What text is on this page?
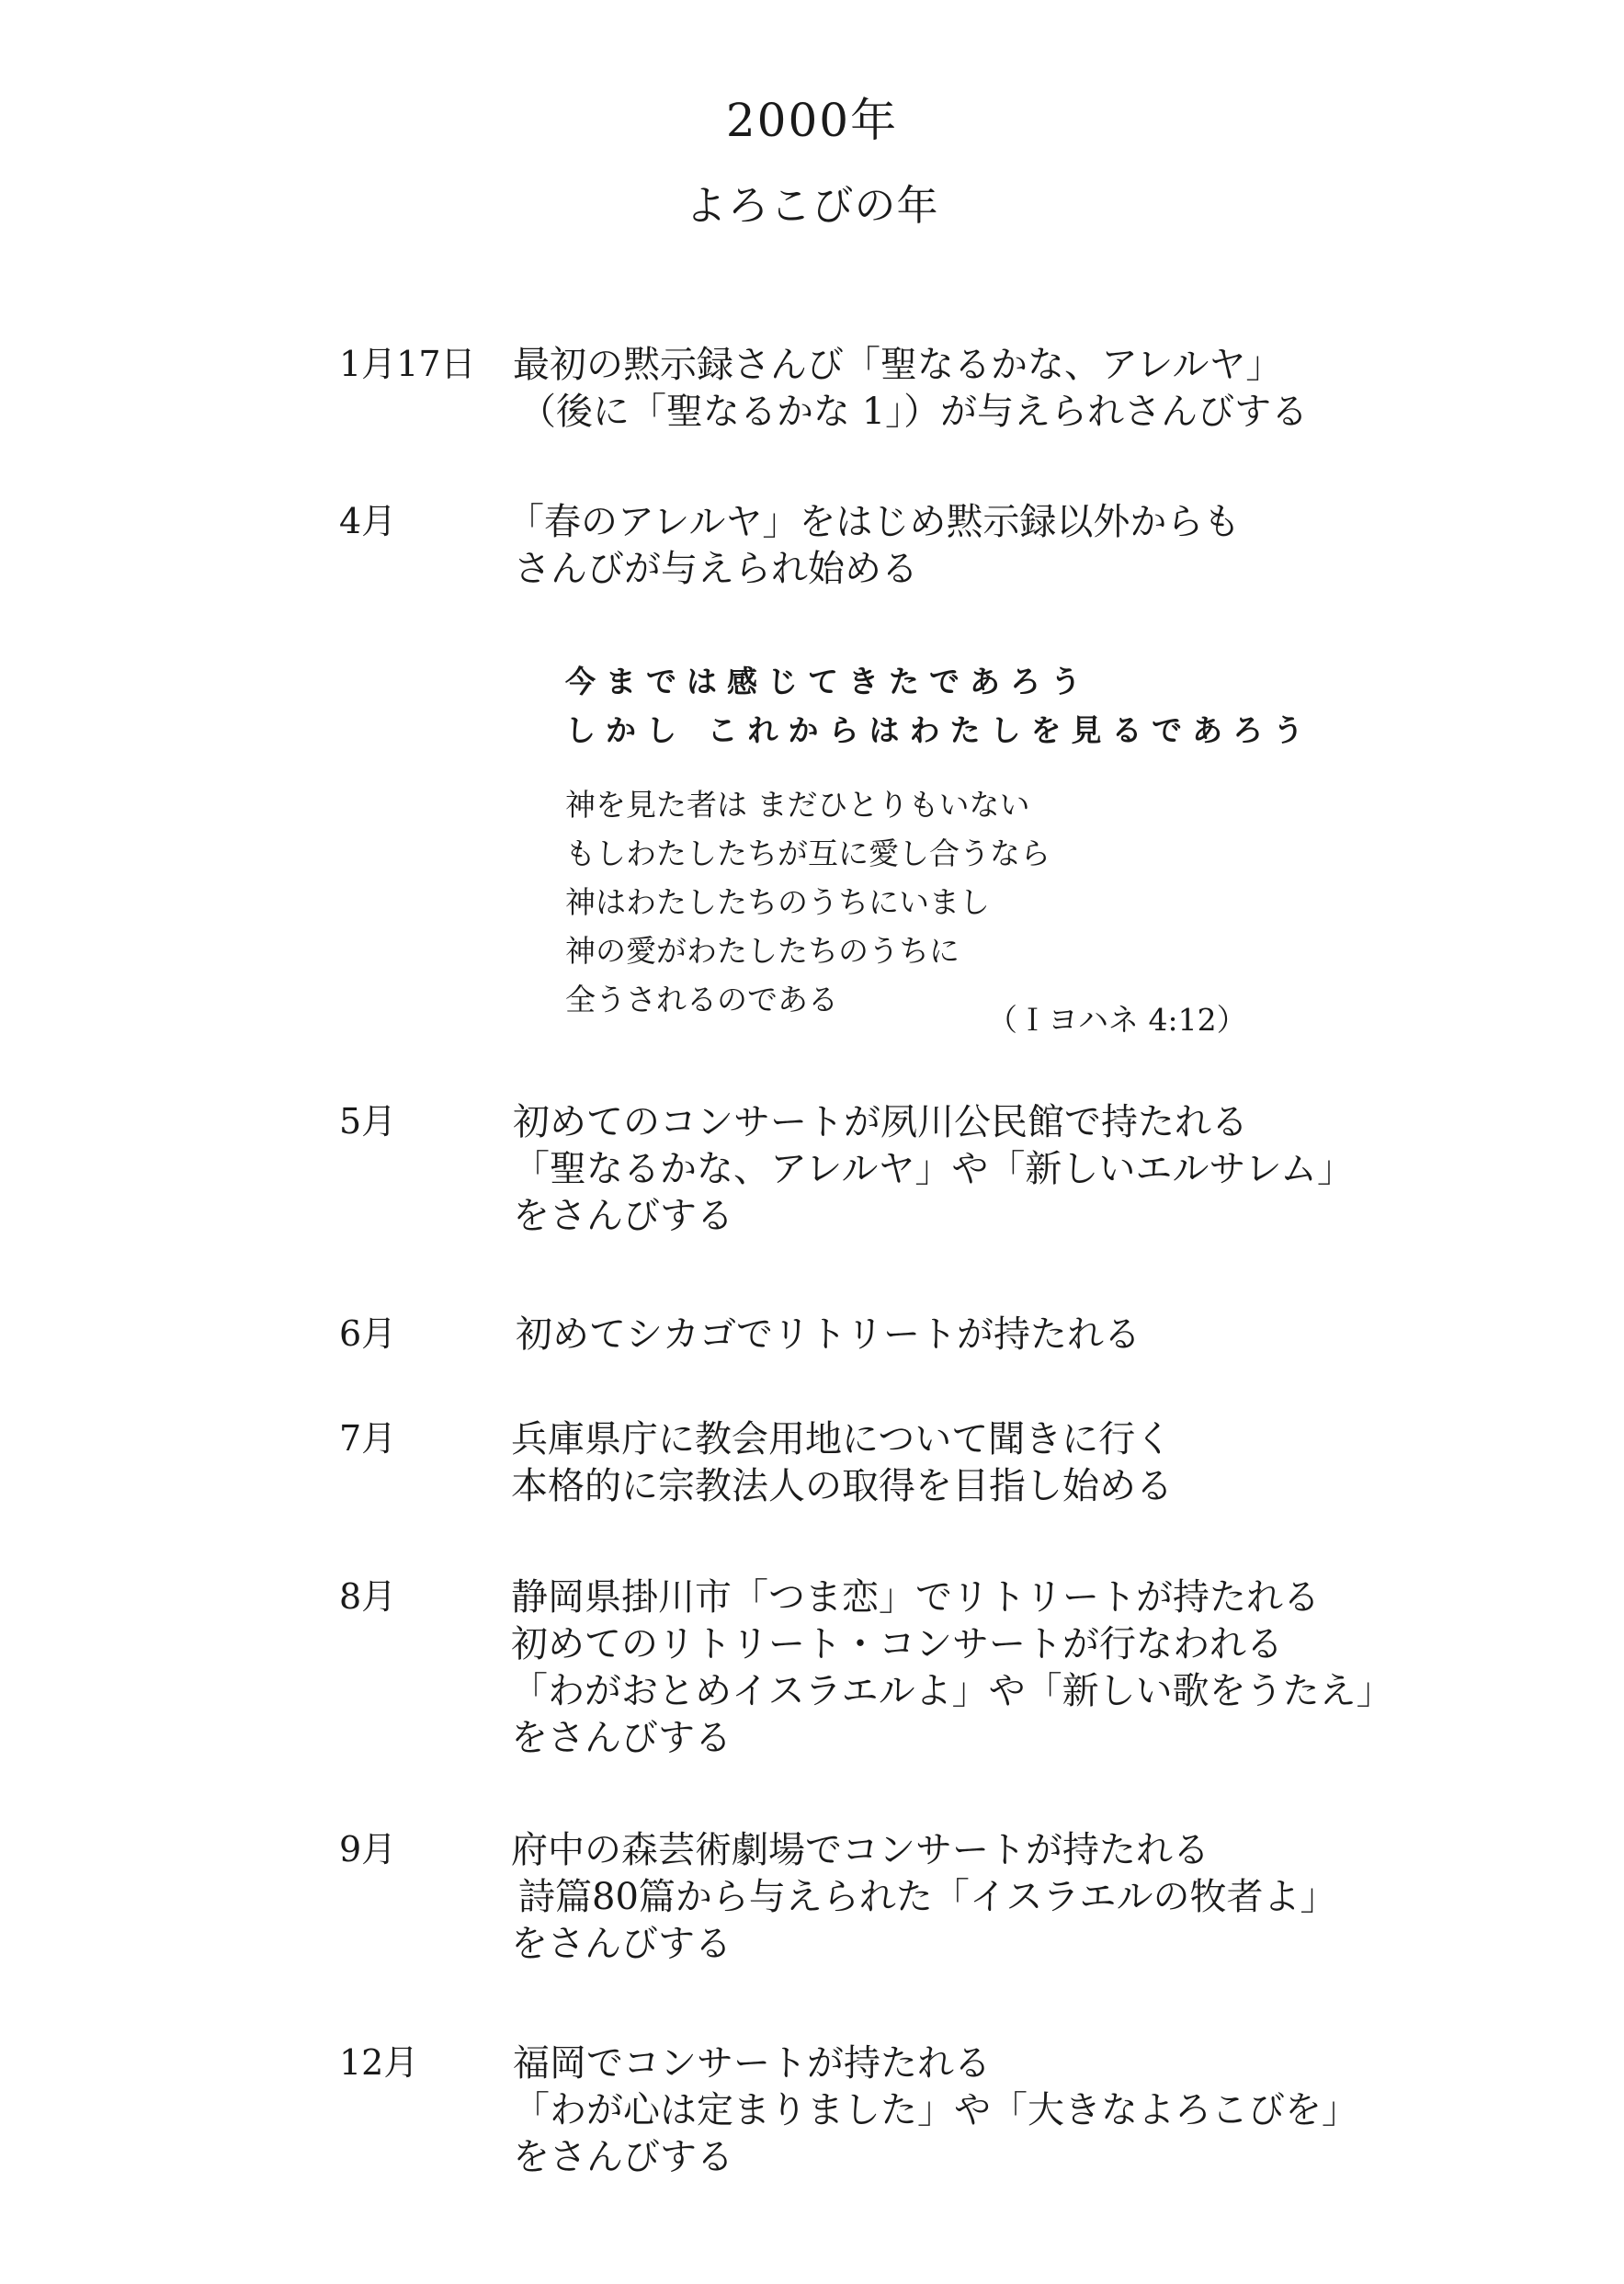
2000年
よろこびの年
1月17日 最初の黙示録さんび「聖なるかな、アレルヤ」
（後に「聖なるかな 1」）が与えられさんびする
4月	「春のアレルヤ」をはじめ黙示録以外からも
さんびが与えられ始める
今までは感じてきたであろう
しかし これからはわたしを見るであろう
神を見た者は まだひとりもいない
もしわたしたちが互に愛し合うなら
神はわたしたちのうちにいまし
神の愛がわたしたちのうちに
全うされるのである
（Ｉヨハネ 4:12）
5月	初めてのコンサートが夙川公民館で持たれる
「聖なるかな、アレルヤ」や「新しいエルサレム」
をさんびする
6月	初めてシカゴでリトリートが持たれる
7月	兵庫県庁に教会用地について聞きに行く
本格的に宗教法人の取得を目指し始める
8月	静岡県掛川市「つま恋」でリトリートが持たれる
初めてのリトリート・コンサートが行なわれる
「わがおとめイスラエルよ」や「新しい歌をうたえ」
をさんびする
9月	府中の森芸術劇場でコンサートが持たれる
詩篇80篇から与えられた「イスラエルの牧者よ」
をさんびする
12月	福岡でコンサートが持たれる
「わが心は定まりました」や「大きなよろこびを」
をさんびする
